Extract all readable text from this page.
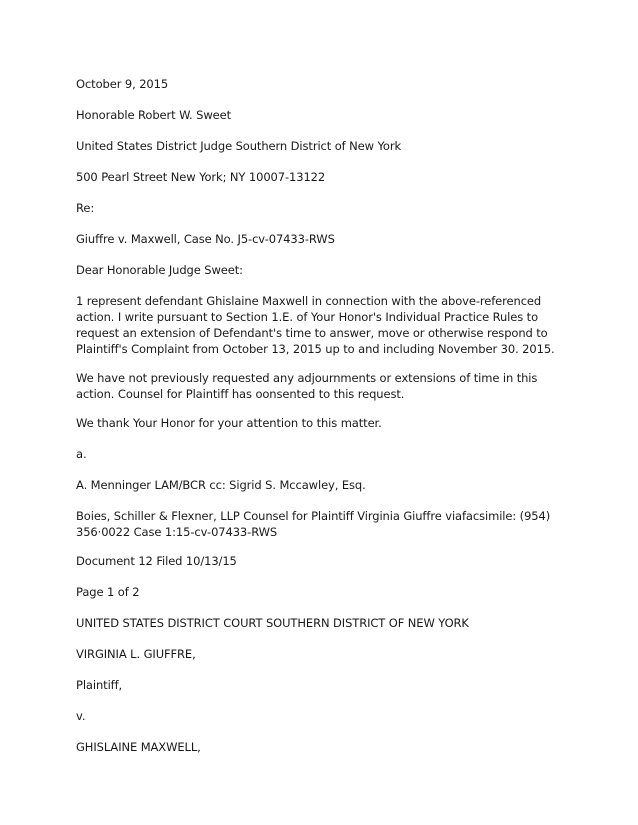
October 9, 2015

Honorable Robert W. Sweet

United States District Judge Southern District of New York

500 Pearl Street New York; NY 10007-13122

Re:

Giuffre v. Maxwell, Case No. J5-cv-07433-RWS

Dear Honorable Judge Sweet:

1 represent defendant Ghislaine Maxwell in connection with the above-referenced action. I write pursuant to Section 1.E. of Your Honor's Individual Practice Rules to request an extension of Defendant's time to answer, move or otherwise respond to Plaintiff's Complaint from October 13, 2015 up to and including November 30. 2015.

We have not previously requested any adjournments or extensions of time in this action. Counsel for Plaintiff has oonsented to this request.

We thank Your Honor for your attention to this matter.

a.

A. Menninger LAM/BCR cc: Sigrid S. Mccawley, Esq.

Boies, Schiller & Flexner, LLP Counsel for Plaintiff Virginia Giuffre viafacsimile: (954) 356·0022 Case 1:15-cv-07433-RWS

Document 12 Filed 10/13/15

Page 1 of 2

UNITED STATES DISTRICT COURT SOUTHERN DISTRICT OF NEW YORK

VIRGINIA L. GIUFFRE,

Plaintiff,

v.

GHISLAINE MAXWELL,
